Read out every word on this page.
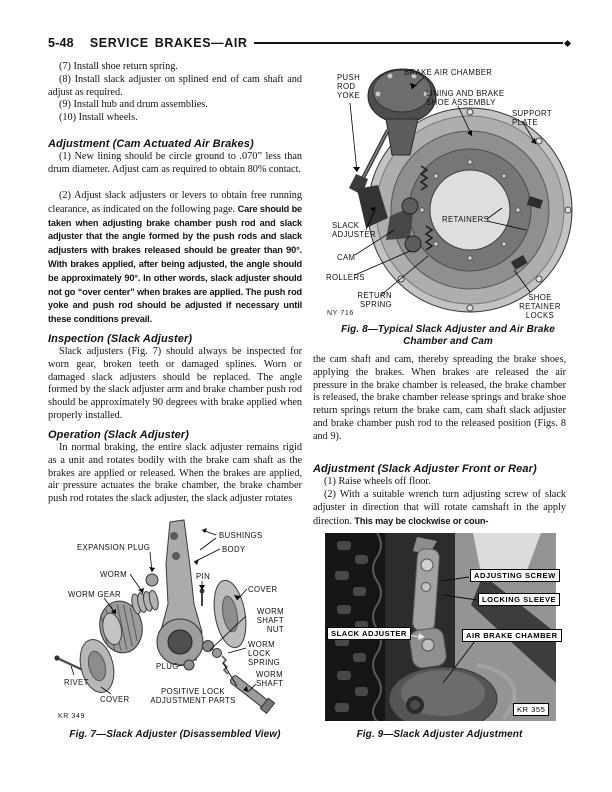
5-48 SERVICE BRAKES—AIR

(7) Install shoe return spring.

(8) Install slack adjuster on splined end of cam shaft and adjust as required.

(9) Install hub and drum assemblies.

(10) Install wheels.

Adjustment (Cam Actuated Air Brakes)

(1) New lining should be circle ground to .070” less than drum diameter. Adjust cam as required to obtain 80% contact.

(2) Adjust slack adjusters or levers to obtain free running clearance, as indicated on the following page. Care should be taken when adjusting brake chamber push rod and slack adjuster that the angle formed by the push rods and slack adjusters with brakes released should be greater than 90°. With brakes applied, after being adjusted, the angle should be approximately 90°. In other words, slack adjuster should not go “over center” when brakes are applied. The push rod yoke and push rod should be adjusted if necessary until these conditions prevail.

Inspection (Slack Adjuster)

Slack adjusters (Fig. 7) should always be inspected for worn gear, broken teeth or damaged splines. Worn or damaged slack adjusters should be replaced. The angle formed by the slack adjuster arm and brake chamber push rod should be approximately 90 degrees with brake applied when properly installed.

Operation (Slack Adjuster)

In normal braking, the entire slack adjuster remains rigid as a unit and rotates bodily with the brake cam shaft as the brakes are applied or released. When the brakes are applied, air pressure actuates the brake chamber, the brake chamber push rod rotates the slack adjuster, the slack adjuster rotates

BUSHINGS
EXPANSION PLUG	BODY
WORM	PIN
COVER
WORM GEAR
WORM SHAFT NUT
WORM LOCK SPRING
PLUG
WORM SHAFT
RIVET
COVER
POSITIVE LOCK ADJUSTMENT PARTS
KR 349
Fig. 7—Slack Adjuster (Disassembled View)
PUSH ROD YOKE
BRAKE AIR CHAMBER
LINING AND BRAKE SHOE ASSEMBLY
SUPPORT PLATE
SLACK ADJUSTER
CAM
RETAINERS
ROLLERS
RETURN SPRING
SHOE RETAINER LOCKS
NY 716
Fig. 8—Typical Slack Adjuster and Air Brake
Chamber and Cam

the cam shaft and cam, thereby spreading the brake shoes, applying the brakes. When brakes are released the air pressure in the brake chamber is released, the brake chamber is released, the brake chamber release springs and brake shoe return springs return the brake cam, cam shaft slack adjuster and brake chamber push rod to the released position (Figs. 8 and 9).

Adjustment (Slack Adjuster Front or Rear)

(1) Raise wheels off floor.

(2) With a suitable wrench turn adjusting screw of slack adjuster in direction that will rotate camshaft in the apply direction. This may be clockwise or coun-

ADJUSTING SCREW
LOCKING SLEEVE
SLACK ADJUSTER	AIR BRAKE CHAMBER
KR 355
Fig. 9—Slack Adjuster Adjustment
